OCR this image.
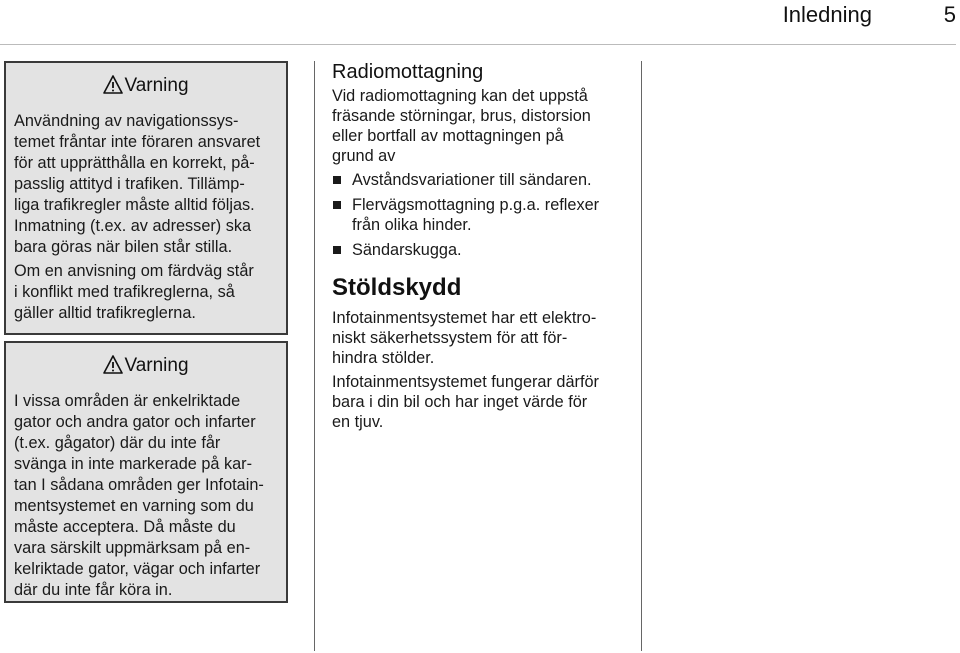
Inledning	5
Varning

Användning av navigationssys-
temet fråntar inte föraren ansvaret
för att upprätthålla en korrekt, på-
passlig attityd i trafiken. Tillämp-
liga trafikregler måste alltid följas.
Inmatning (t.ex. av adresser) ska
bara göras när bilen står stilla.

Om en anvisning om färdväg står
i konflikt med trafikreglerna, så
gäller alltid trafikreglerna.

Varning

I vissa områden är enkelriktade
gator och andra gator och infarter
(t.ex. gågator) där du inte får
svänga in inte markerade på kar-
tan I sådana områden ger Infotain-
mentsystemet en varning som du
måste acceptera. Då måste du
vara särskilt uppmärksam på en-
kelriktade gator, vägar och infarter
där du inte får köra in.

Radiomottagning

Vid radiomottagning kan det uppstå
fräsande störningar, brus, distorsion
eller bortfall av mottagningen på
grund av

Avståndsvariationer till sändaren.
Flervägsmottagning p.g.a. reflexer
från olika hinder.
Sändarskugga.
Stöldskydd

Infotainmentsystemet har ett elektro-
niskt säkerhetssystem för att för-
hindra stölder.

Infotainmentsystemet fungerar därför
bara i din bil och har inget värde för
en tjuv.
